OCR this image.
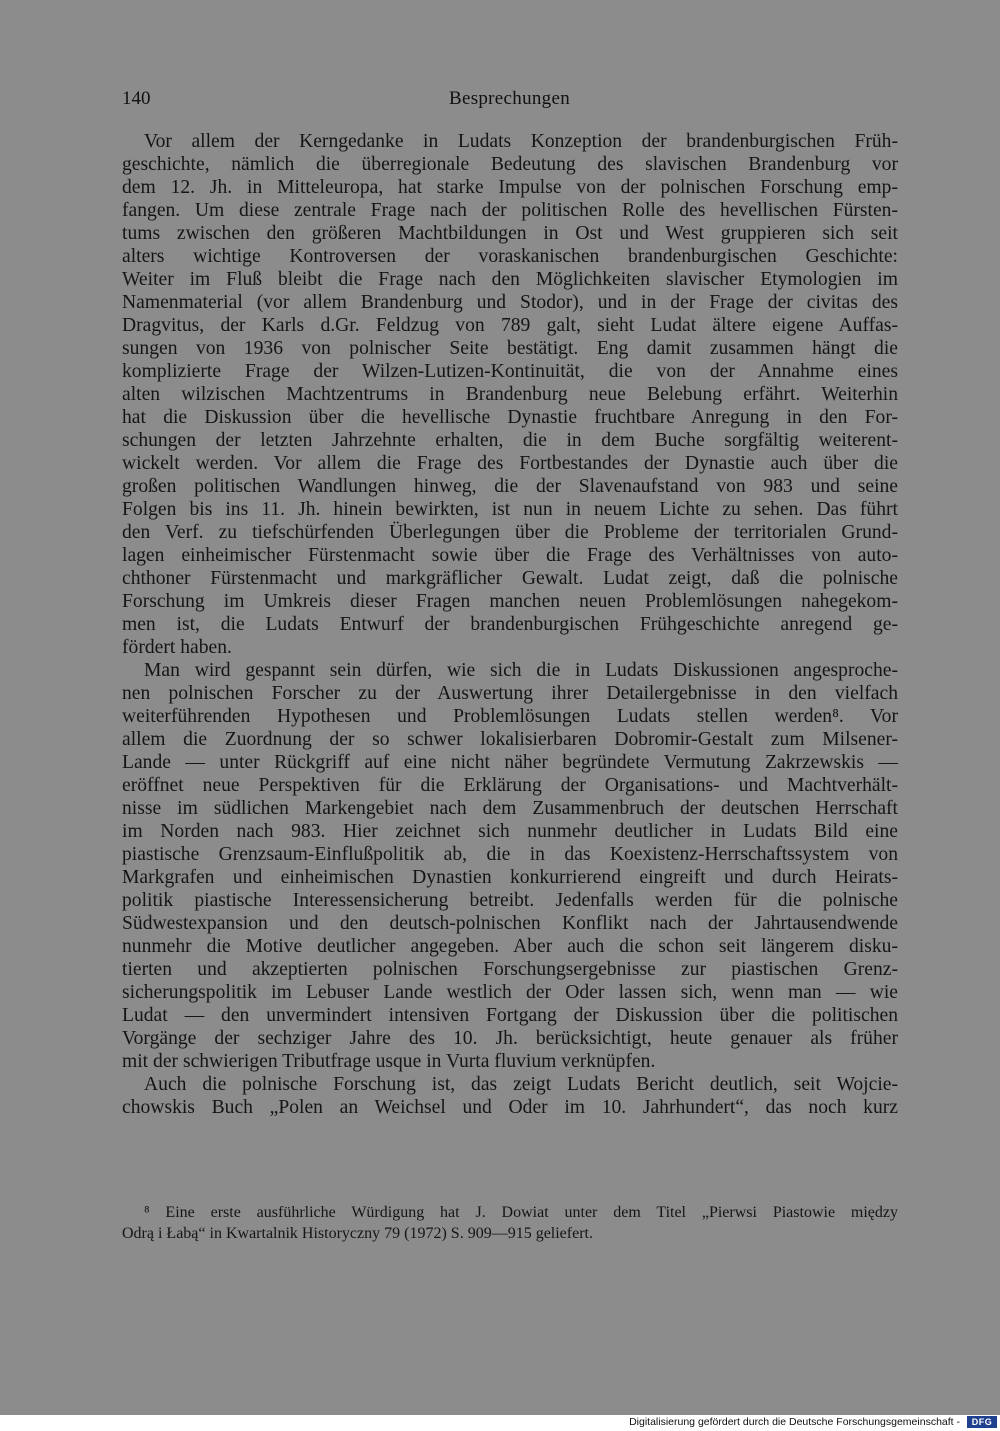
140	Besprechungen
Vor allem der Kerngedanke in Ludats Konzeption der brandenburgischen Früh-
geschichte, nämlich die überregionale Bedeutung des slavischen Brandenburg vor
dem 12. Jh. in Mitteleuropa, hat starke Impulse von der polnischen Forschung emp-
fangen. Um diese zentrale Frage nach der politischen Rolle des hevellischen Fürsten-
tums zwischen den größeren Machtbildungen in Ost und West gruppieren sich seit
alters wichtige Kontroversen der voraskanischen brandenburgischen Geschichte:
Weiter im Fluß bleibt die Frage nach den Möglichkeiten slavischer Etymologien im
Namenmaterial (vor allem Brandenburg und Stodor), und in der Frage der civitas des
Dragvitus, der Karls d.Gr. Feldzug von 789 galt, sieht Ludat ältere eigene Auffas-
sungen von 1936 von polnischer Seite bestätigt. Eng damit zusammen hängt die
komplizierte Frage der Wilzen-Lutizen-Kontinuität, die von der Annahme eines
alten wilzischen Machtzentrums in Brandenburg neue Belebung erfährt. Weiterhin
hat die Diskussion über die hevellische Dynastie fruchtbare Anregung in den For-
schungen der letzten Jahrzehnte erhalten, die in dem Buche sorgfältig weiterent-
wickelt werden. Vor allem die Frage des Fortbestandes der Dynastie auch über die
großen politischen Wandlungen hinweg, die der Slavenaufstand von 983 und seine
Folgen bis ins 11. Jh. hinein bewirkten, ist nun in neuem Lichte zu sehen. Das führt
den Verf. zu tiefschürfenden Überlegungen über die Probleme der territorialen Grund-
lagen einheimischer Fürstenmacht sowie über die Frage des Verhältnisses von auto-
chthoner Fürstenmacht und markgräflicher Gewalt. Ludat zeigt, daß die polnische
Forschung im Umkreis dieser Fragen manchen neuen Problemlösungen nahegekom-
men ist, die Ludats Entwurf der brandenburgischen Frühgeschichte anregend ge-
fördert haben.
Man wird gespannt sein dürfen, wie sich die in Ludats Diskussionen angesproche-
nen polnischen Forscher zu der Auswertung ihrer Detailergebnisse in den vielfach
weiterführenden Hypothesen und Problemlösungen Ludats stellen werden⁸. Vor
allem die Zuordnung der so schwer lokalisierbaren Dobromir-Gestalt zum Milsener-
Lande — unter Rückgriff auf eine nicht näher begründete Vermutung Zakrzewskis —
eröffnet neue Perspektiven für die Erklärung der Organisations- und Machtverhält-
nisse im südlichen Markengebiet nach dem Zusammenbruch der deutschen Herrschaft
im Norden nach 983. Hier zeichnet sich nunmehr deutlicher in Ludats Bild eine
piastische Grenzsaum-Einflußpolitik ab, die in das Koexistenz-Herrschaftssystem von
Markgrafen und einheimischen Dynastien konkurrierend eingreift und durch Heirats-
politik piastische Interessensicherung betreibt. Jedenfalls werden für die polnische
Südwestexpansion und den deutsch-polnischen Konflikt nach der Jahrtausendwende
nunmehr die Motive deutlicher angegeben. Aber auch die schon seit längerem disku-
tierten und akzeptierten polnischen Forschungsergebnisse zur piastischen Grenz-
sicherungspolitik im Lebuser Lande westlich der Oder lassen sich, wenn man — wie
Ludat — den unvermindert intensiven Fortgang der Diskussion über die politischen
Vorgänge der sechziger Jahre des 10. Jh. berücksichtigt, heute genauer als früher
mit der schwierigen Tributfrage usque in Vurta fluvium verknüpfen.
Auch die polnische Forschung ist, das zeigt Ludats Bericht deutlich, seit Wojcie-
chowskis Buch „Polen an Weichsel und Oder im 10. Jahrhundert“, das noch kurz
⁸ Eine erste ausführliche Würdigung hat J. Dowiat unter dem Titel „Pierwsi Piastowie między
Odrą i Łabą“ in Kwartalnik Historyczny 79 (1972) S. 909—915 geliefert.
Digitalisierung gefördert durch die Deutsche Forschungsgemeinschaft -	DFG
